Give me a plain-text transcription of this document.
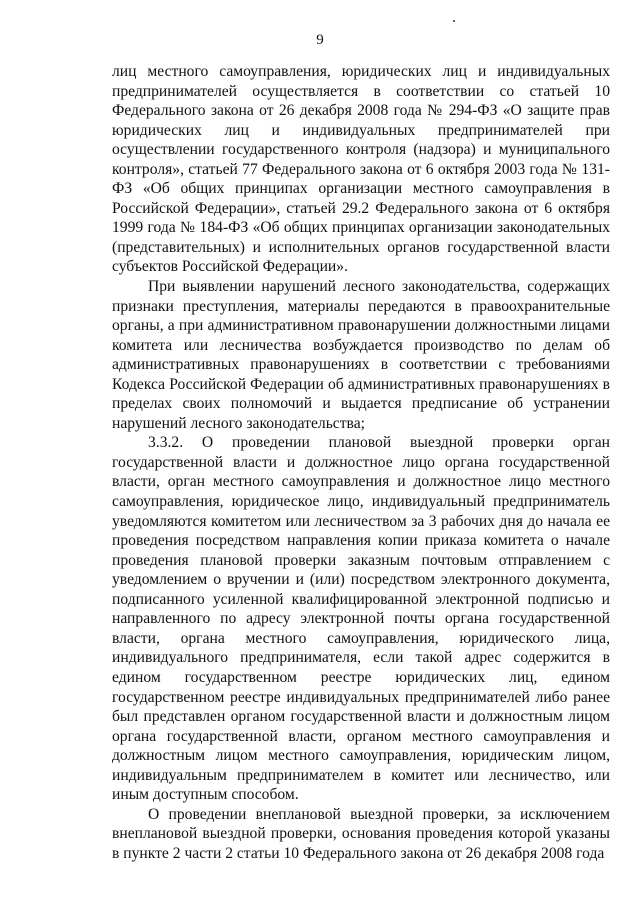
9

лиц местного самоуправления, юридических лиц и индивидуальных предпринимателей осуществляется в соответствии со статьей 10 Федерального закона от 26 декабря 2008 года № 294-ФЗ «О защите прав юридических лиц и индивидуальных предпринимателей при осуществлении государственного контроля (надзора) и муниципального контроля», статьей 77 Федерального закона от 6 октября 2003 года № 131-ФЗ «Об общих принципах организации местного самоуправления в Российской Федерации», статьей 29.2 Федерального закона от 6 октября 1999 года № 184-ФЗ «Об общих принципах организации законодательных (представительных) и исполнительных органов государственной власти субъектов Российской Федерации».

При выявлении нарушений лесного законодательства, содержащих признаки преступления, материалы передаются в правоохранительные органы, а при административном правонарушении должностными лицами комитета или лесничества возбуждается производство по делам об административных правонарушениях в соответствии с требованиями Кодекса Российской Федерации об административных правонарушениях в пределах своих полномочий и выдается предписание об устранении нарушений лесного законодательства;

3.3.2. О проведении плановой выездной проверки орган государственной власти и должностное лицо органа государственной власти, орган местного самоуправления и должностное лицо местного самоуправления, юридическое лицо, индивидуальный предприниматель уведомляются комитетом или лесничеством за 3 рабочих дня до начала ее проведения посредством направления копии приказа комитета о начале проведения плановой проверки заказным почтовым отправлением с уведомлением о вручении и (или) посредством электронного документа, подписанного усиленной квалифицированной электронной подписью и направленного по адресу электронной почты органа государственной власти, органа местного самоуправления, юридического лица, индивидуального предпринимателя, если такой адрес содержится в едином государственном реестре юридических лиц, едином государственном реестре индивидуальных предпринимателей либо ранее был представлен органом государственной власти и должностным лицом органа государственной власти, органом местного самоуправления и должностным лицом местного самоуправления, юридическим лицом, индивидуальным предпринимателем в комитет или лесничество, или иным доступным способом.

О проведении внеплановой выездной проверки, за исключением внеплановой выездной проверки, основания проведения которой указаны в пункте 2 части 2 статьи 10 Федерального закона от 26 декабря 2008 года
